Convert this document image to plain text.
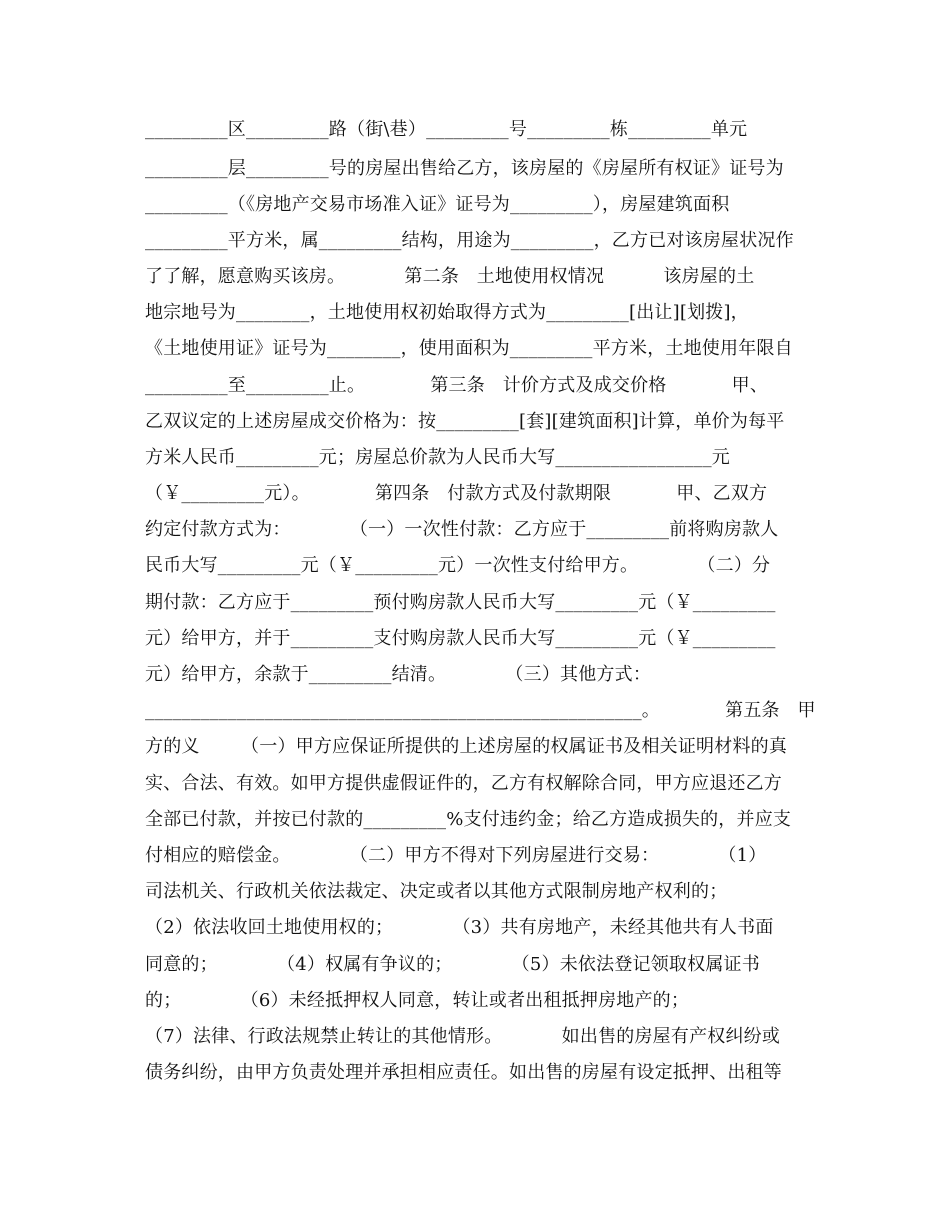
_________区_________路（街\巷）_________号_________栋_________单元
_________层_________号的房屋出售给乙方，该房屋的《房屋所有权证》证号为
_________（《房地产交易市场准入证》证号为_________），房屋建筑面积
_________平方米，属_________结构，用途为_________，乙方已对该房屋状况作
了了解，愿意购买该房。          第二条   土地使用权情况          该房屋的土
地宗地号为________，土地使用权初始取得方式为_________[出让][划拨]，
《土地使用证》证号为________，使用面积为_________平方米，土地使用年限自
_________至_________止。           第三条   计价方式及成交价格           甲、
乙双议定的上述房屋成交价格为：按_________[套][建筑面积]计算，单价为每平
方米人民币_________元；房屋总价款为人民币大写_________________元
（￥_________元）。           第四条   付款方式及付款期限           甲、乙双方
约定付款方式为：          （一）一次性付款：乙方应于_________前将购房款人
民币大写_________元（￥_________元）一次性支付给甲方。          （二）分
期付款：乙方应于_________预付购房款人民币大写_________元（￥_________
元）给甲方，并于_________支付购房款人民币大写_________元（￥_________
元）给甲方，余款于_________结清。          （三）其他方式：
______________________________________________________。           第五条   甲
方的义       （一）甲方应保证所提供的上述房屋的权属证书及相关证明材料的真
实、合法、有效。如甲方提供虚假证件的，乙方有权解除合同，甲方应退还乙方
全部已付款，并按已付款的_________%支付违约金；给乙方造成损失的，并应支
付相应的赔偿金。          （二）甲方不得对下列房屋进行交易：          （1）
司法机关、行政机关依法裁定、决定或者以其他方式限制房地产权利的；
（2）依法收回土地使用权的；          （3）共有房地产，未经其他共有人书面
同意的；          （4）权属有争议的；          （5）未依法登记领取权属证书
的；          （6）未经抵押权人同意，转让或者出租抵押房地产的；
（7）法律、行政法规禁止转让的其他情形。          如出售的房屋有产权纠纷或
债务纠纷，由甲方负责处理并承担相应责任。如出售的房屋有设定抵押、出租等
